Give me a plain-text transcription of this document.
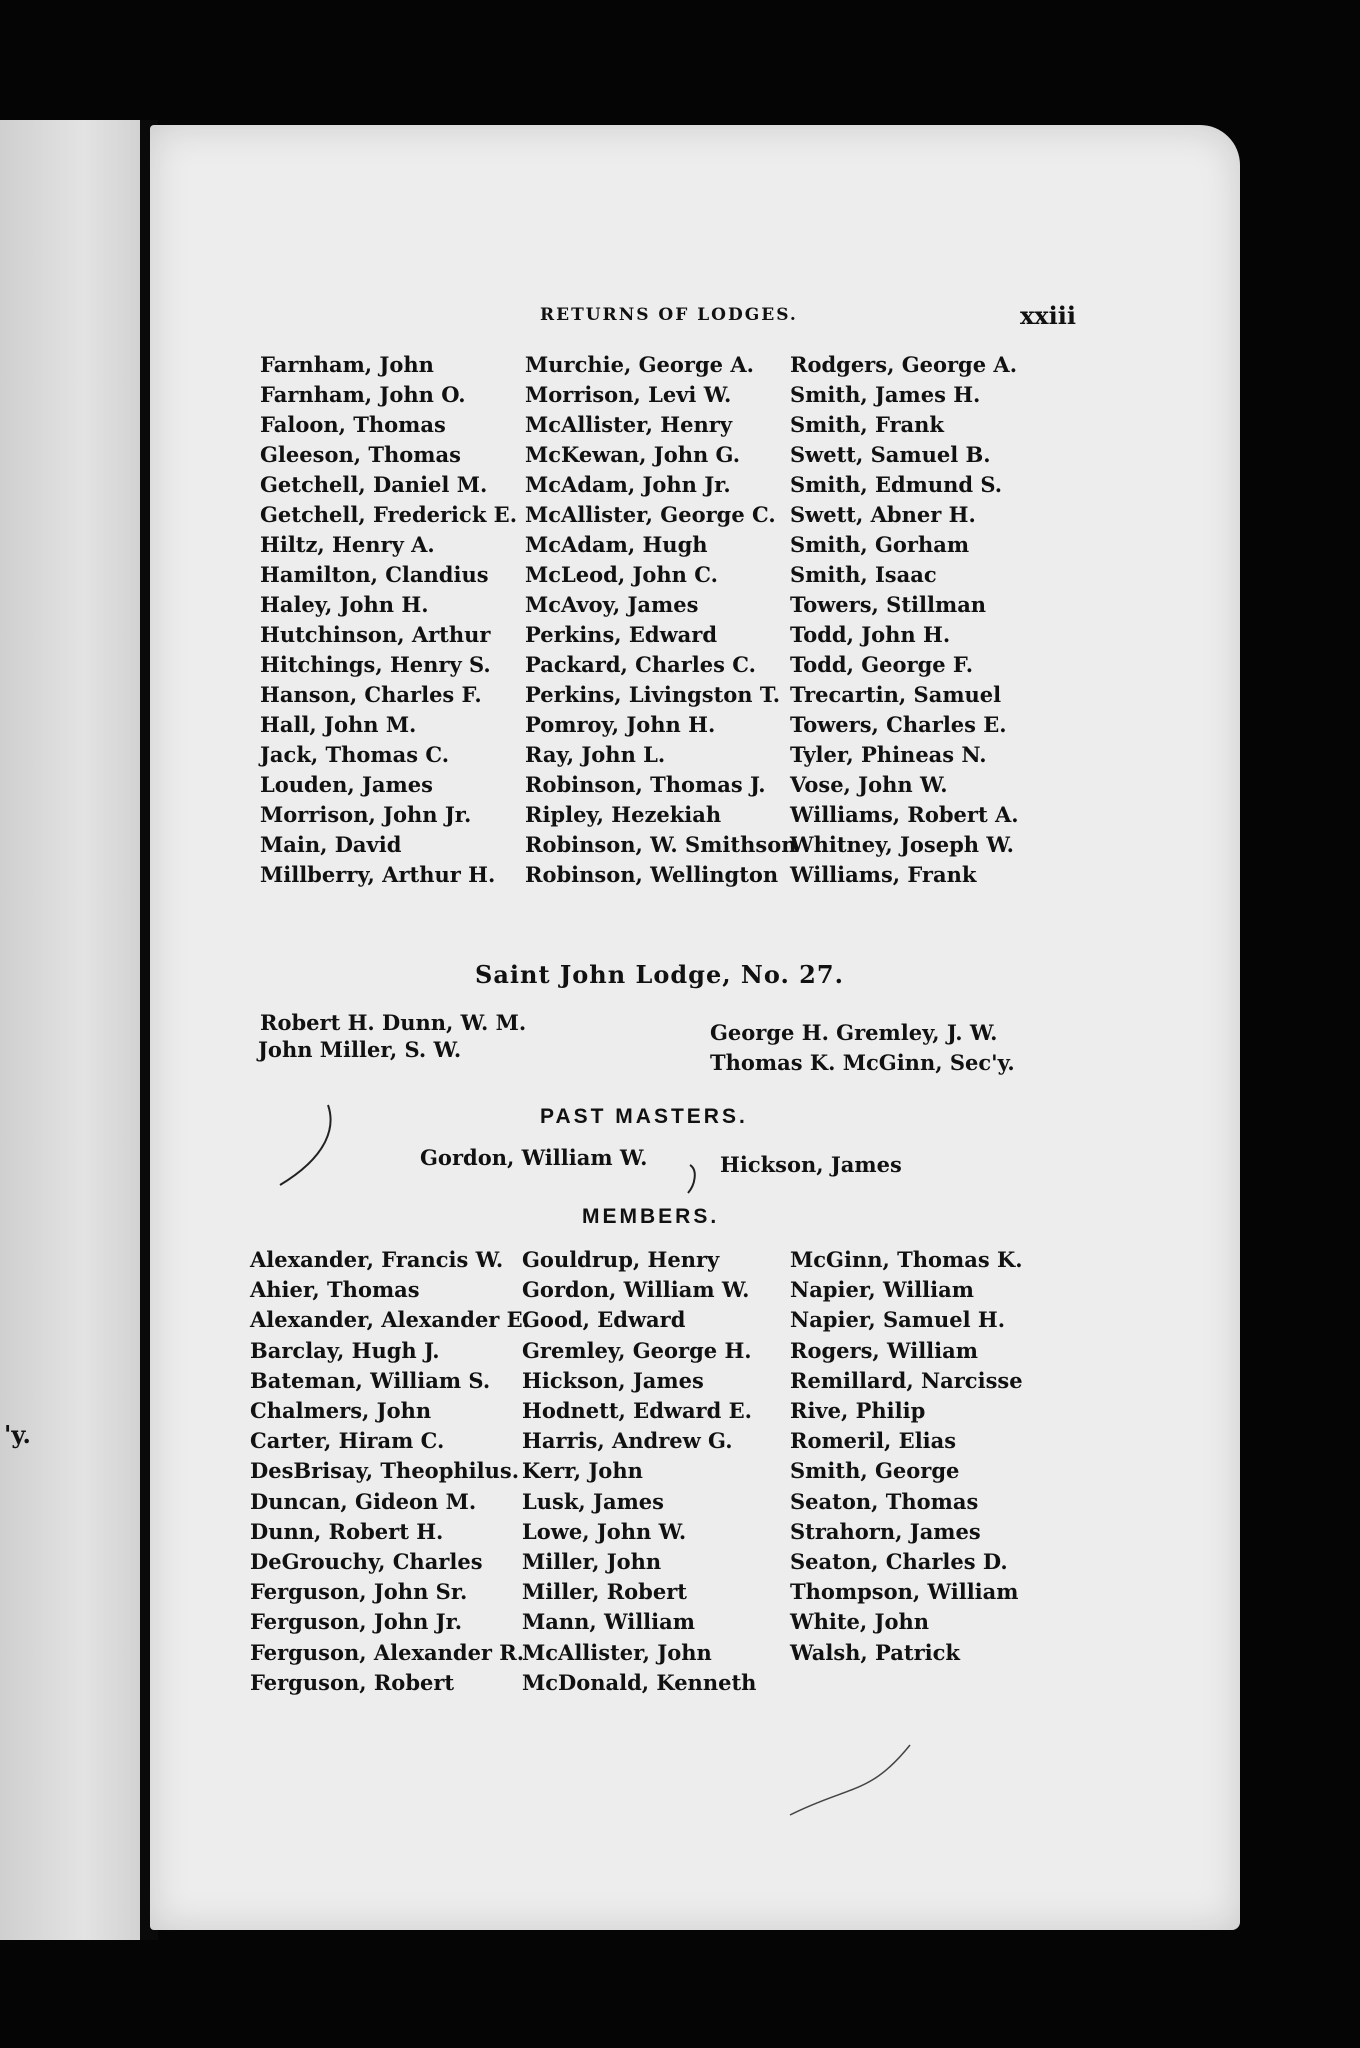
'y.
RETURNS OF LODGES.	xxiii
Farnham, John
Farnham, John O.
Faloon, Thomas
Gleeson, Thomas
Getchell, Daniel M.
Getchell, Frederick E.
Hiltz, Henry A.
Hamilton, Clandius
Haley, John H.
Hutchinson, Arthur
Hitchings, Henry S.
Hanson, Charles F.
Hall, John M.
Jack, Thomas C.
Louden, James
Morrison, John Jr.
Main, David
Millberry, Arthur H.
Murchie, George A.
Morrison, Levi W.
McAllister, Henry
McKewan, John G.
McAdam, John Jr.
McAllister, George C.
McAdam, Hugh
McLeod, John C.
McAvoy, James
Perkins, Edward
Packard, Charles C.
Perkins, Livingston T.
Pomroy, John H.
Ray, John L.
Robinson, Thomas J.
Ripley, Hezekiah
Robinson, W. Smithson
Robinson, Wellington
Rodgers, George A.
Smith, James H.
Smith, Frank
Swett, Samuel B.
Smith, Edmund S.
Swett, Abner H.
Smith, Gorham
Smith, Isaac
Towers, Stillman
Todd, John H.
Todd, George F.
Trecartin, Samuel
Towers, Charles E.
Tyler, Phineas N.
Vose, John W.
Williams, Robert A.
Whitney, Joseph W.
Williams, Frank
Saint John Lodge, No. 27.
Robert H. Dunn, W. M.
John Miller, S. W.
George H. Gremley, J. W.
Thomas K. McGinn, Sec'y.
PAST MASTERS.
Gordon, William W.	Hickson, James
MEMBERS.
Alexander, Francis W.
Ahier, Thomas
Alexander, Alexander E.
Barclay, Hugh J.
Bateman, William S.
Chalmers, John
Carter, Hiram C.
DesBrisay, Theophilus.
Duncan, Gideon M.
Dunn, Robert H.
DeGrouchy, Charles
Ferguson, John Sr.
Ferguson, John Jr.
Ferguson, Alexander R.
Ferguson, Robert
Gouldrup, Henry
Gordon, William W.
Good, Edward
Gremley, George H.
Hickson, James
Hodnett, Edward E.
Harris, Andrew G.
Kerr, John
Lusk, James
Lowe, John W.
Miller, John
Miller, Robert
Mann, William
McAllister, John
McDonald, Kenneth
McGinn, Thomas K.
Napier, William
Napier, Samuel H.
Rogers, William
Remillard, Narcisse
Rive, Philip
Romeril, Elias
Smith, George
Seaton, Thomas
Strahorn, James
Seaton, Charles D.
Thompson, William
White, John
Walsh, Patrick
